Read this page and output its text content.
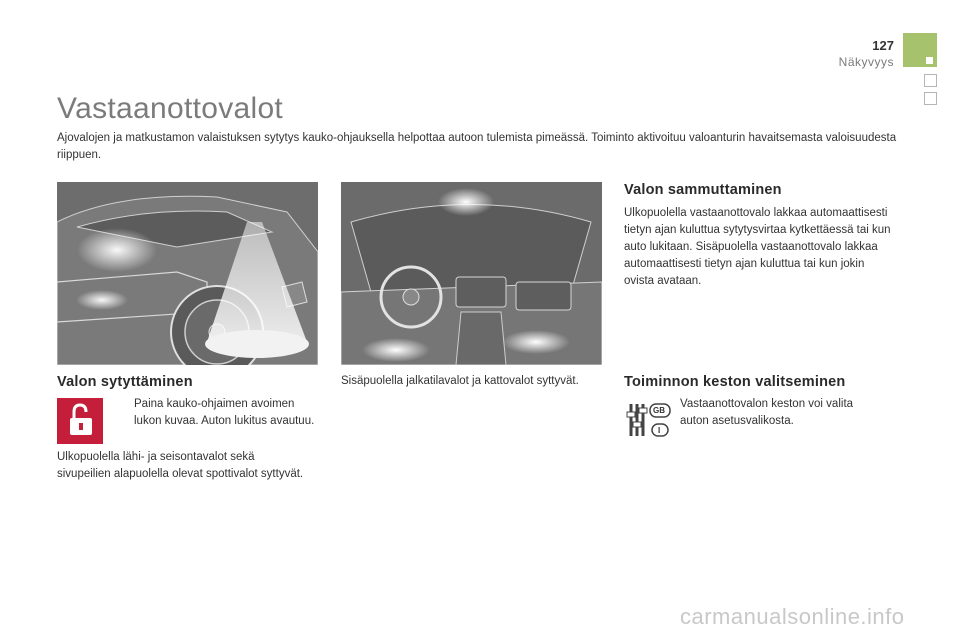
127
Näkyvyys
Vastaanottovalot
Ajovalojen ja matkustamon valaistuksen sytytys kauko-ohjauksella helpottaa autoon tulemista pimeässä. Toiminto aktivoituu valoanturin havaitsemasta valoisuudesta riippuen.
Valon sytyttäminen
Paina kauko-ohjaimen avoimen lukon kuvaa. Auton lukitus avautuu.
Ulkopuolella lähi- ja seisontavalot sekä sivupeilien alapuolella olevat spottivalot syttyvät.
Sisäpuolella jalkatilavalot ja kattovalot syttyvät.
Valon sammuttaminen
Ulkopuolella vastaanottovalo lakkaa automaattisesti tietyn ajan kuluttua sytytysvirtaa kytkettäessä tai kun auto lukitaan. Sisäpuolella vastaanottovalo lakkaa automaattisesti tietyn ajan kuluttua tai kun jokin ovista avataan.
Toiminnon keston valitseminen
GB
I
Vastaanottovalon keston voi valita auton asetusvalikosta.
carmanualsonline.info
